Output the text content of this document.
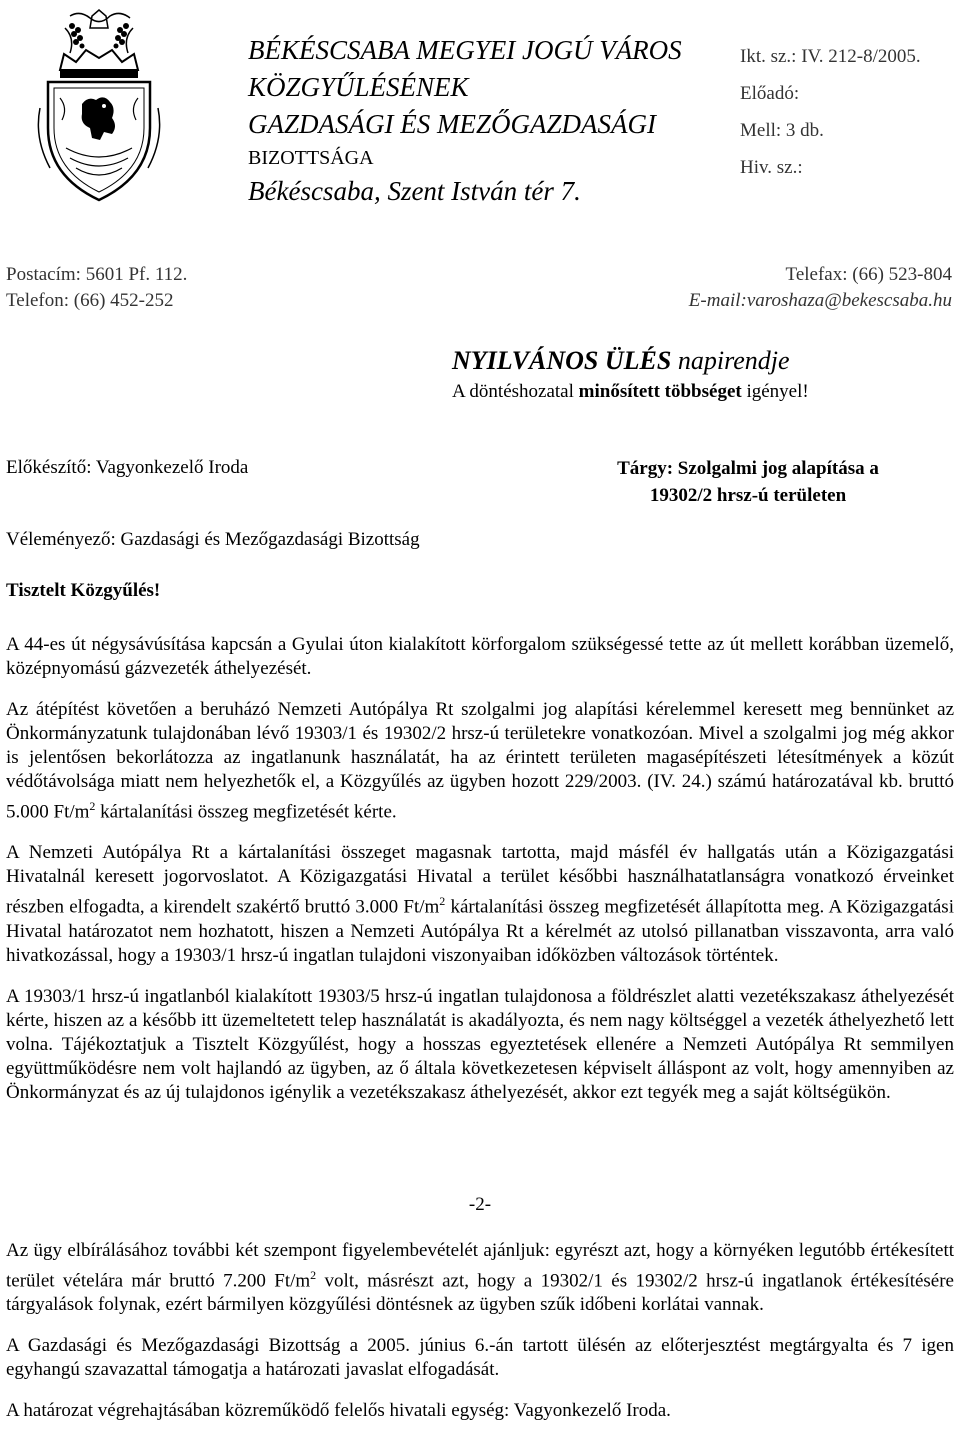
BÉKÉSCSABA MEGYEI JOGÚ VÁROS
KÖZGYŰLÉSÉNEK
GAZDASÁGI ÉS MEZŐGAZDASÁGI
BIZOTTSÁGA
Békéscsaba, Szent István tér 7.
Ikt. sz.: IV. 212-8/2005.
Előadó:
Mell: 3 db.
Hiv. sz.:
Postacím: 5601 Pf. 112.
Telefon: (66) 452-252
Telefax: (66) 523-804
E-mail:varoshaza@bekescsaba.hu
NYILVÁNOS ÜLÉS napirendje
A döntéshozatal minősített többséget igényel!
Előkészítő: Vagyonkezelő Iroda	Tárgy: Szolgalmi jog alapítása a
19302/2 hrsz-ú területen
Véleményező: Gazdasági és Mezőgazdasági Bizottság
Tisztelt Közgyűlés!

A 44-es út négysávúsítása kapcsán a Gyulai úton kialakított körforgalom szükségessé tette az út mellett korábban üzemelő, középnyomású gázvezeték áthelyezését.

Az átépítést követően a beruházó Nemzeti Autópálya Rt szolgalmi jog alapítási kérelemmel keresett meg bennünket az Önkormányzatunk tulajdonában lévő 19303/1 és 19302/2 hrsz-ú területekre vonatkozóan. Mivel a szolgalmi jog még akkor is jelentősen bekorlátozza az ingatlanunk használatát, ha az érintett területen magasépítészeti létesítmények a közút védőtávolsága miatt nem helyezhetők el, a Közgyűlés az ügyben hozott 229/2003. (IV. 24.) számú határozatával kb. bruttó 5.000 $Ft/m^2$ kártalanítási összeg megfizetését kérte.

A Nemzeti Autópálya Rt a kártalanítási összeget magasnak tartotta, majd másfél év hallgatás után a Közigazgatási Hivatalnál keresett jogorvoslatot. A Közigazgatási Hivatal a terület későbbi használhatatlanságra vonatkozó érveinket részben elfogadta, a kirendelt szakértő bruttó 3.000 $Ft/m^2$ kártalanítási összeg megfizetését állapította meg. A Közigazgatási Hivatal határozatot nem hozhatott, hiszen a Nemzeti Autópálya Rt a kérelmét az utolsó pillanatban visszavonta, arra való hivatkozással, hogy a 19303/1 hrsz-ú ingatlan tulajdoni viszonyaiban időközben változások történtek.

A 19303/1 hrsz-ú ingatlanból kialakított 19303/5 hrsz-ú ingatlan tulajdonosa a földrészlet alatti vezetékszakasz áthelyezését kérte, hiszen az a később itt üzemeltetett telep használatát is akadályozta, és nem nagy költséggel a vezeték áthelyezhető lett volna. Tájékoztatjuk a Tisztelt Közgyűlést, hogy a hosszas egyeztetések ellenére a Nemzeti Autópálya Rt semmilyen együttműködésre nem volt hajlandó az ügyben, az ő általa következetesen képviselt álláspont az volt, hogy amennyiben az Önkormányzat és az új tulajdonos igénylik a vezetékszakasz áthelyezését, akkor ezt tegyék meg a saját költségükön.

-2-

Az ügy elbírálásához további két szempont figyelembevételét ajánljuk: egyrészt azt, hogy a környéken legutóbb értékesített terület vételára már bruttó 7.200 $Ft/m^2$ volt, másrészt azt, hogy a 19302/1 és 19302/2 hrsz-ú ingatlanok értékesítésére tárgyalások folynak, ezért bármilyen közgyűlési döntésnek az ügyben szűk időbeni korlátai vannak.

A Gazdasági és Mezőgazdasági Bizottság a 2005. június 6.-án tartott ülésén az előterjesztést megtárgyalta és 7 igen egyhangú szavazattal támogatja a határozati javaslat elfogadását.

A határozat végrehajtásában közreműködő felelős hivatali egység: Vagyonkezelő Iroda.
